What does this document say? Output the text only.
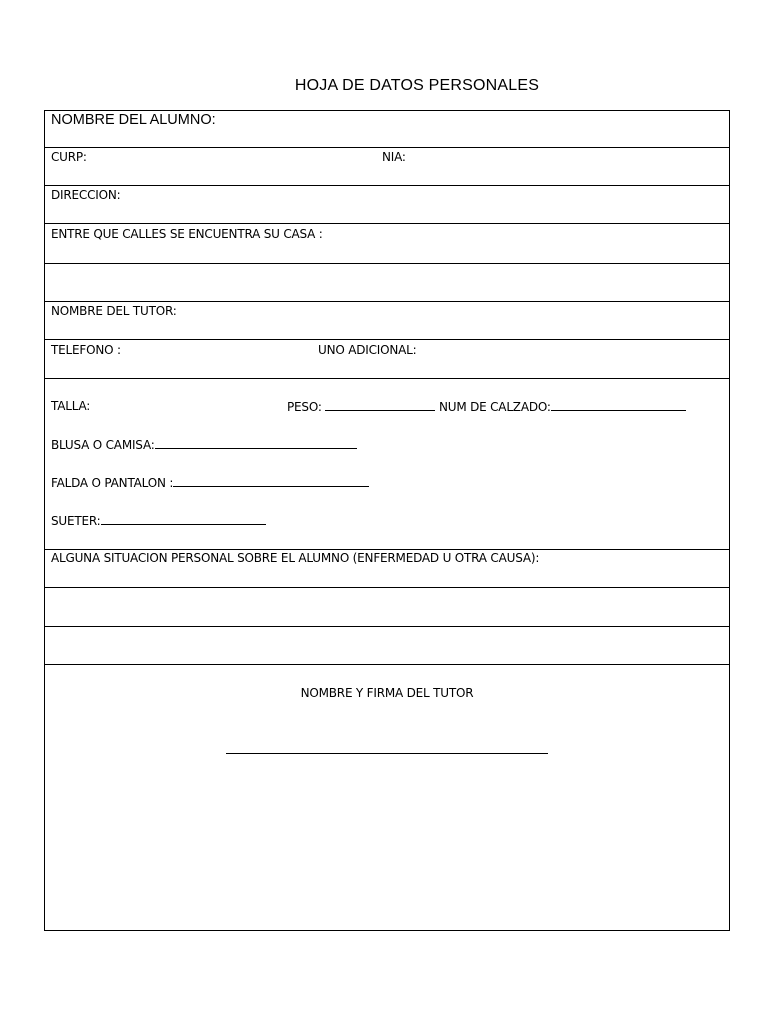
HOJA DE DATOS PERSONALES
NOMBRE DEL ALUMNO:
CURP:	NIA:
DIRECCION:
ENTRE QUE CALLES SE ENCUENTRA SU CASA :
NOMBRE DEL TUTOR:
TELEFONO :	UNO ADICIONAL:
TALLA:	PESO:	NUM DE CALZADO:
BLUSA O CAMISA:
FALDA O PANTALON :
SUETER:
ALGUNA SITUACION PERSONAL SOBRE EL ALUMNO (ENFERMEDAD U OTRA CAUSA):
NOMBRE Y FIRMA DEL TUTOR
